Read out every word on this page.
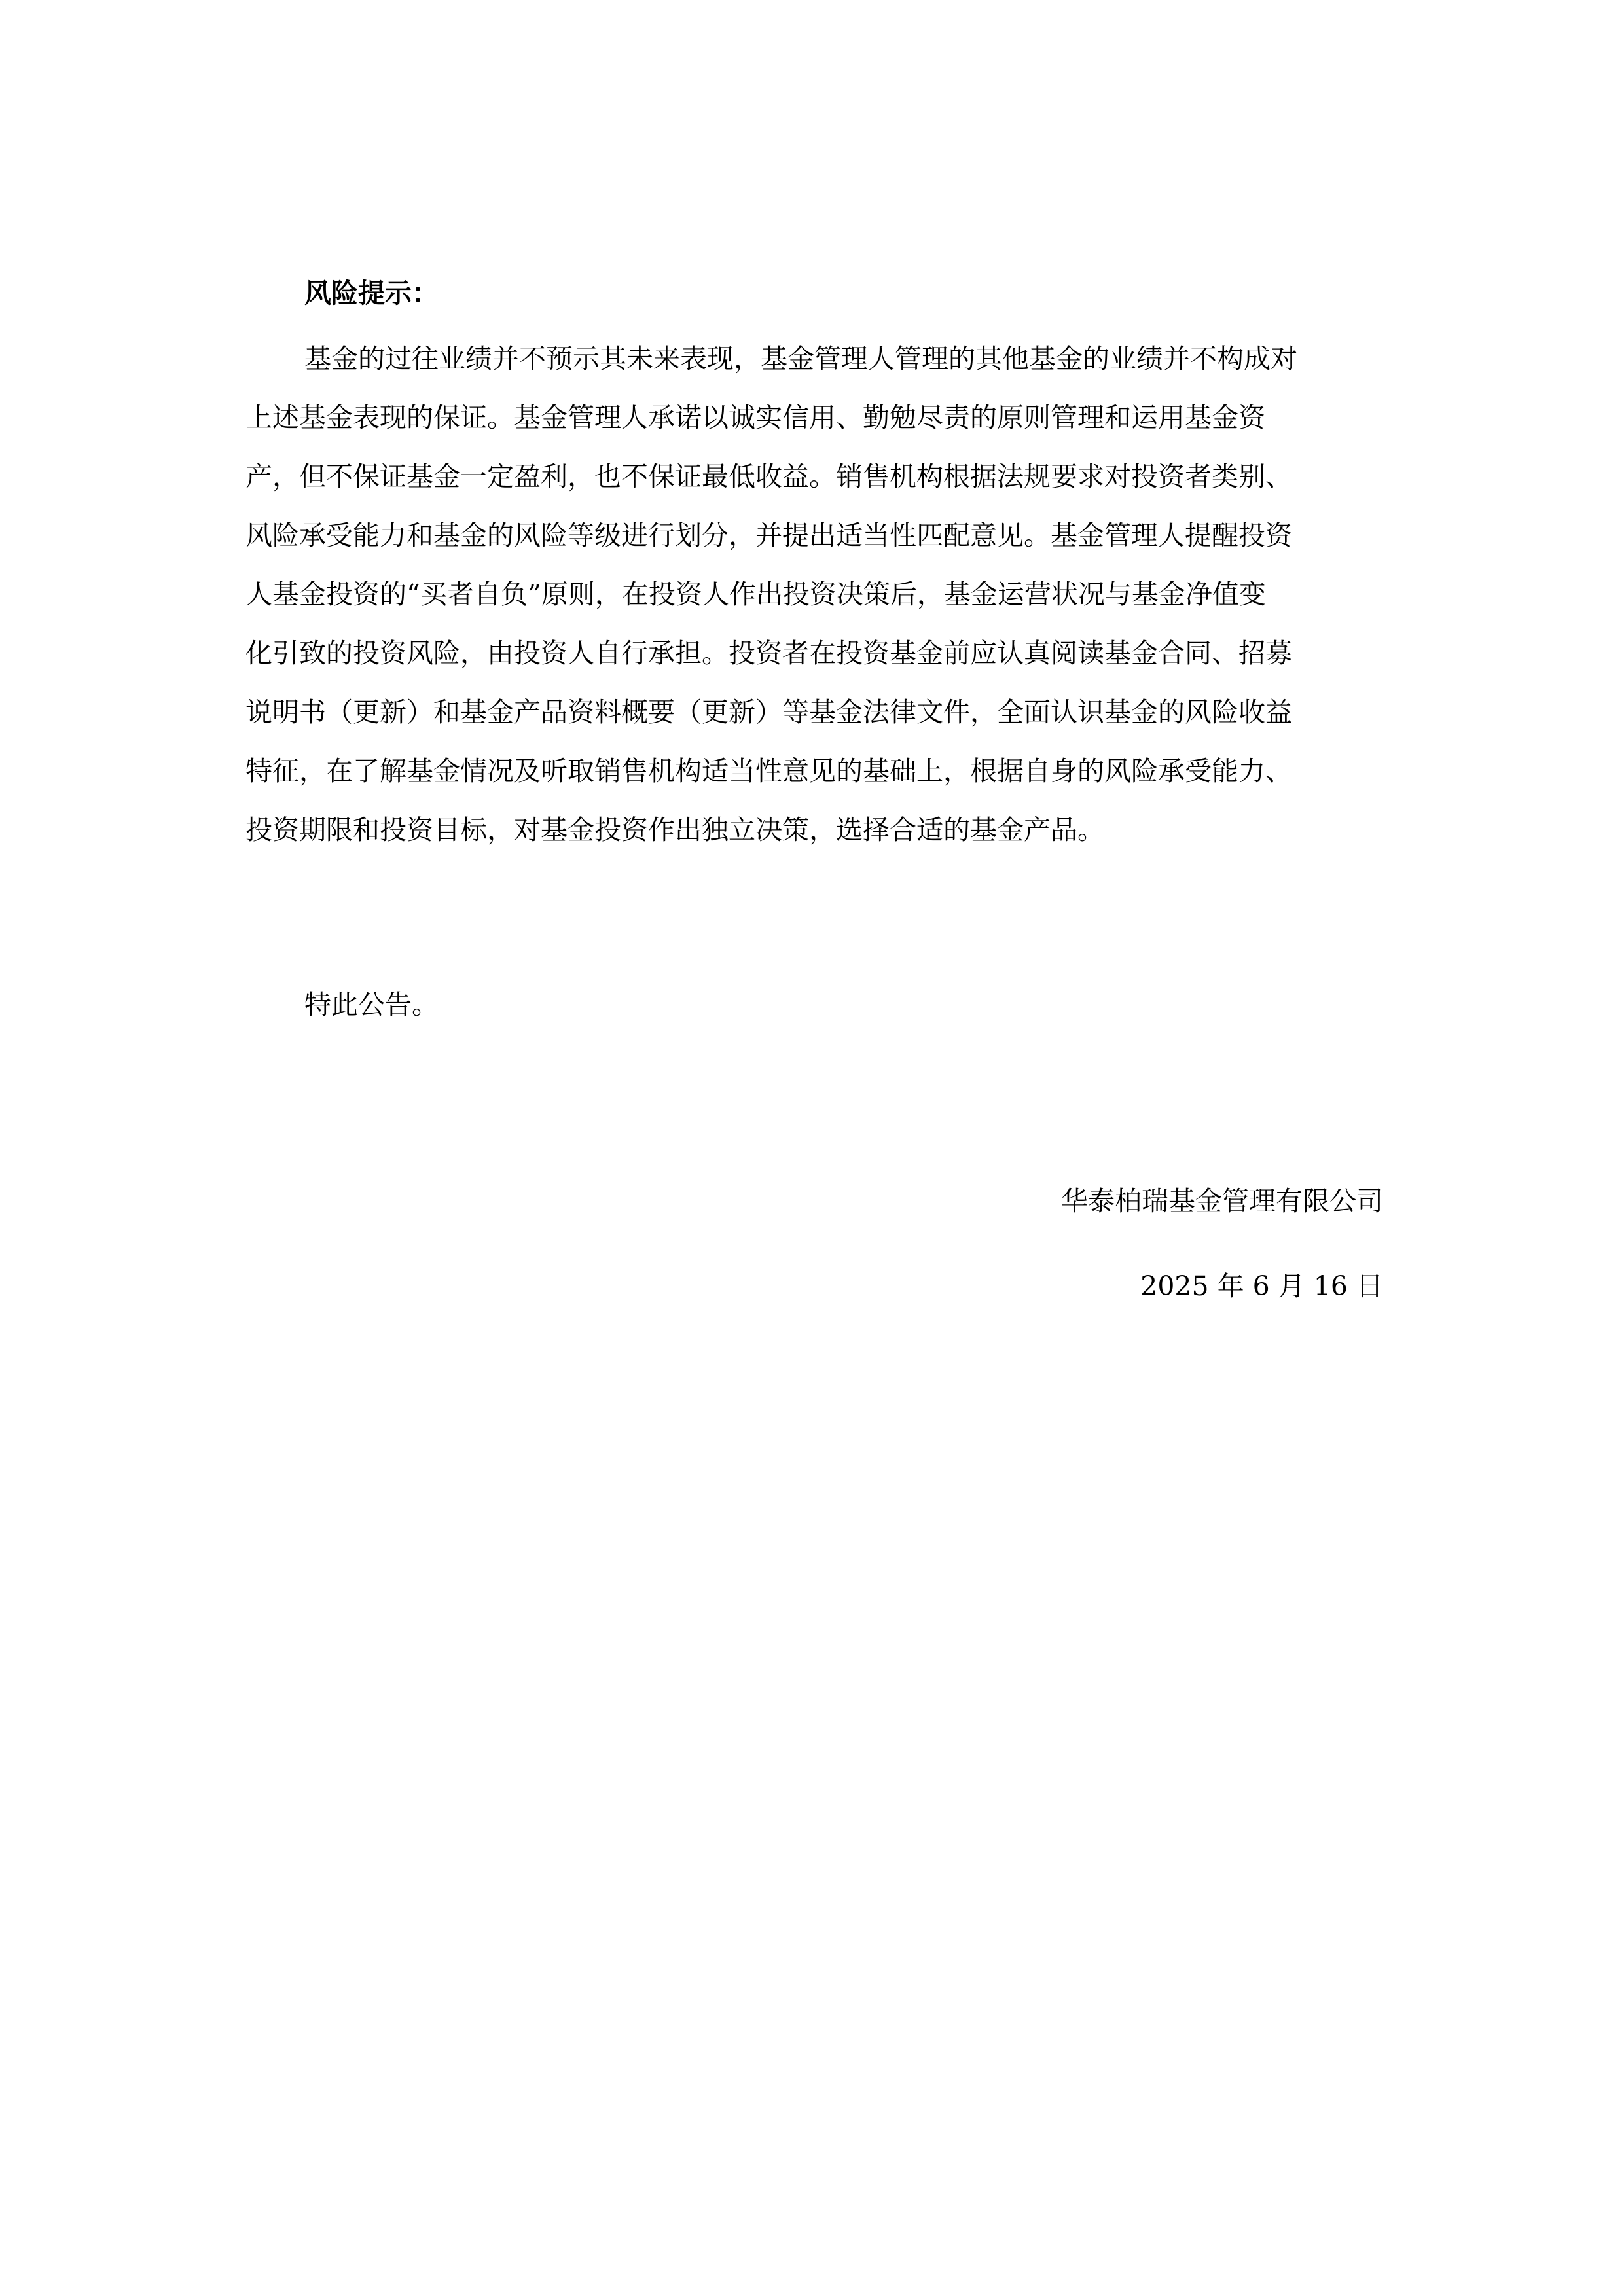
风险提示：
基金的过往业绩并不预示其未来表现，基金管理人管理的其他基金的业绩并不构成对
上述基金表现的保证。基金管理人承诺以诚实信用、勤勉尽责的原则管理和运用基金资
产，但不保证基金一定盈利，也不保证最低收益。销售机构根据法规要求对投资者类别、
风险承受能力和基金的风险等级进行划分，并提出适当性匹配意见。基金管理人提醒投资
人基金投资的“买者自负”原则，在投资人作出投资决策后，基金运营状况与基金净值变
化引致的投资风险，由投资人自行承担。投资者在投资基金前应认真阅读基金合同、招募
说明书（更新）和基金产品资料概要（更新）等基金法律文件，全面认识基金的风险收益
特征，在了解基金情况及听取销售机构适当性意见的基础上，根据自身的风险承受能力、
投资期限和投资目标，对基金投资作出独立决策，选择合适的基金产品。
特此公告。
华泰柏瑞基金管理有限公司
2025 年 6 月 16 日
